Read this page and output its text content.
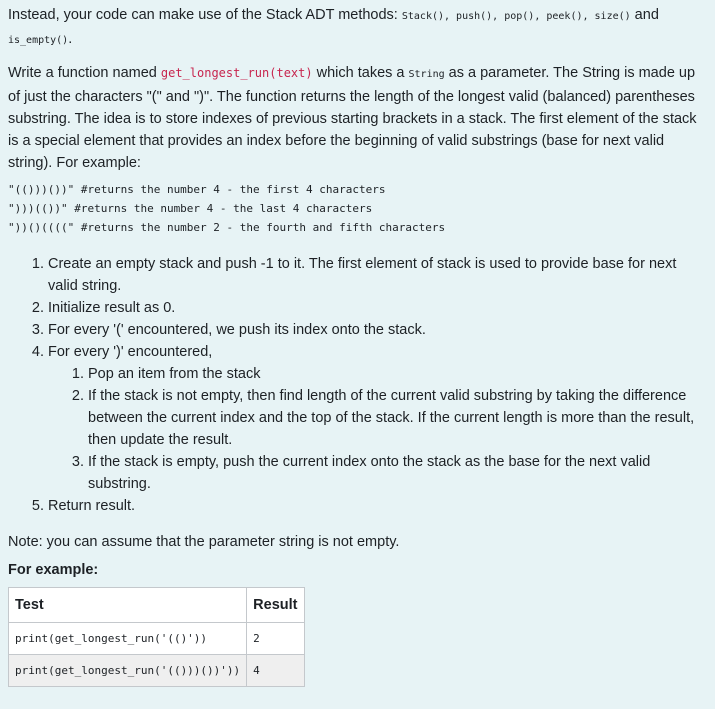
Instead, your code can make use of the Stack ADT methods: Stack(), push(), pop(), peek(), size() and
is_empty().

Write a function named get_longest_run(text) which takes a String as a parameter. The String is made up of just the characters "(" and ")". The function returns the length of the longest valid (balanced) parentheses substring. The idea is to store indexes of previous starting brackets in a stack. The first element of the stack is a special element that provides an index before the beginning of valid substrings (base for next valid string). For example:

"(()))())" #returns the number 4 - the first 4 characters
")))(())" #returns the number 4 - the last 4 characters
"))()((((" #returns the number 2 - the fourth and fifth characters
1. Create an empty stack and push -1 to it. The first element of stack is used to provide base for next valid string.
2. Initialize result as 0.
3. For every '(' encountered, we push its index onto the stack.
4. For every ')' encountered,
1. Pop an item from the stack
2. If the stack is not empty, then find length of the current valid substring by taking the difference between the current index and the top of the stack. If the current length is more than the result, then update the result.
3. If the stack is empty, push the current index onto the stack as the base for the next valid substring.
5. Return result.

Note: you can assume that the parameter string is not empty.

For example:

Test	Result
print(get_longest_run('(()'))	2
print(get_longest_run('(()))())'))	4
